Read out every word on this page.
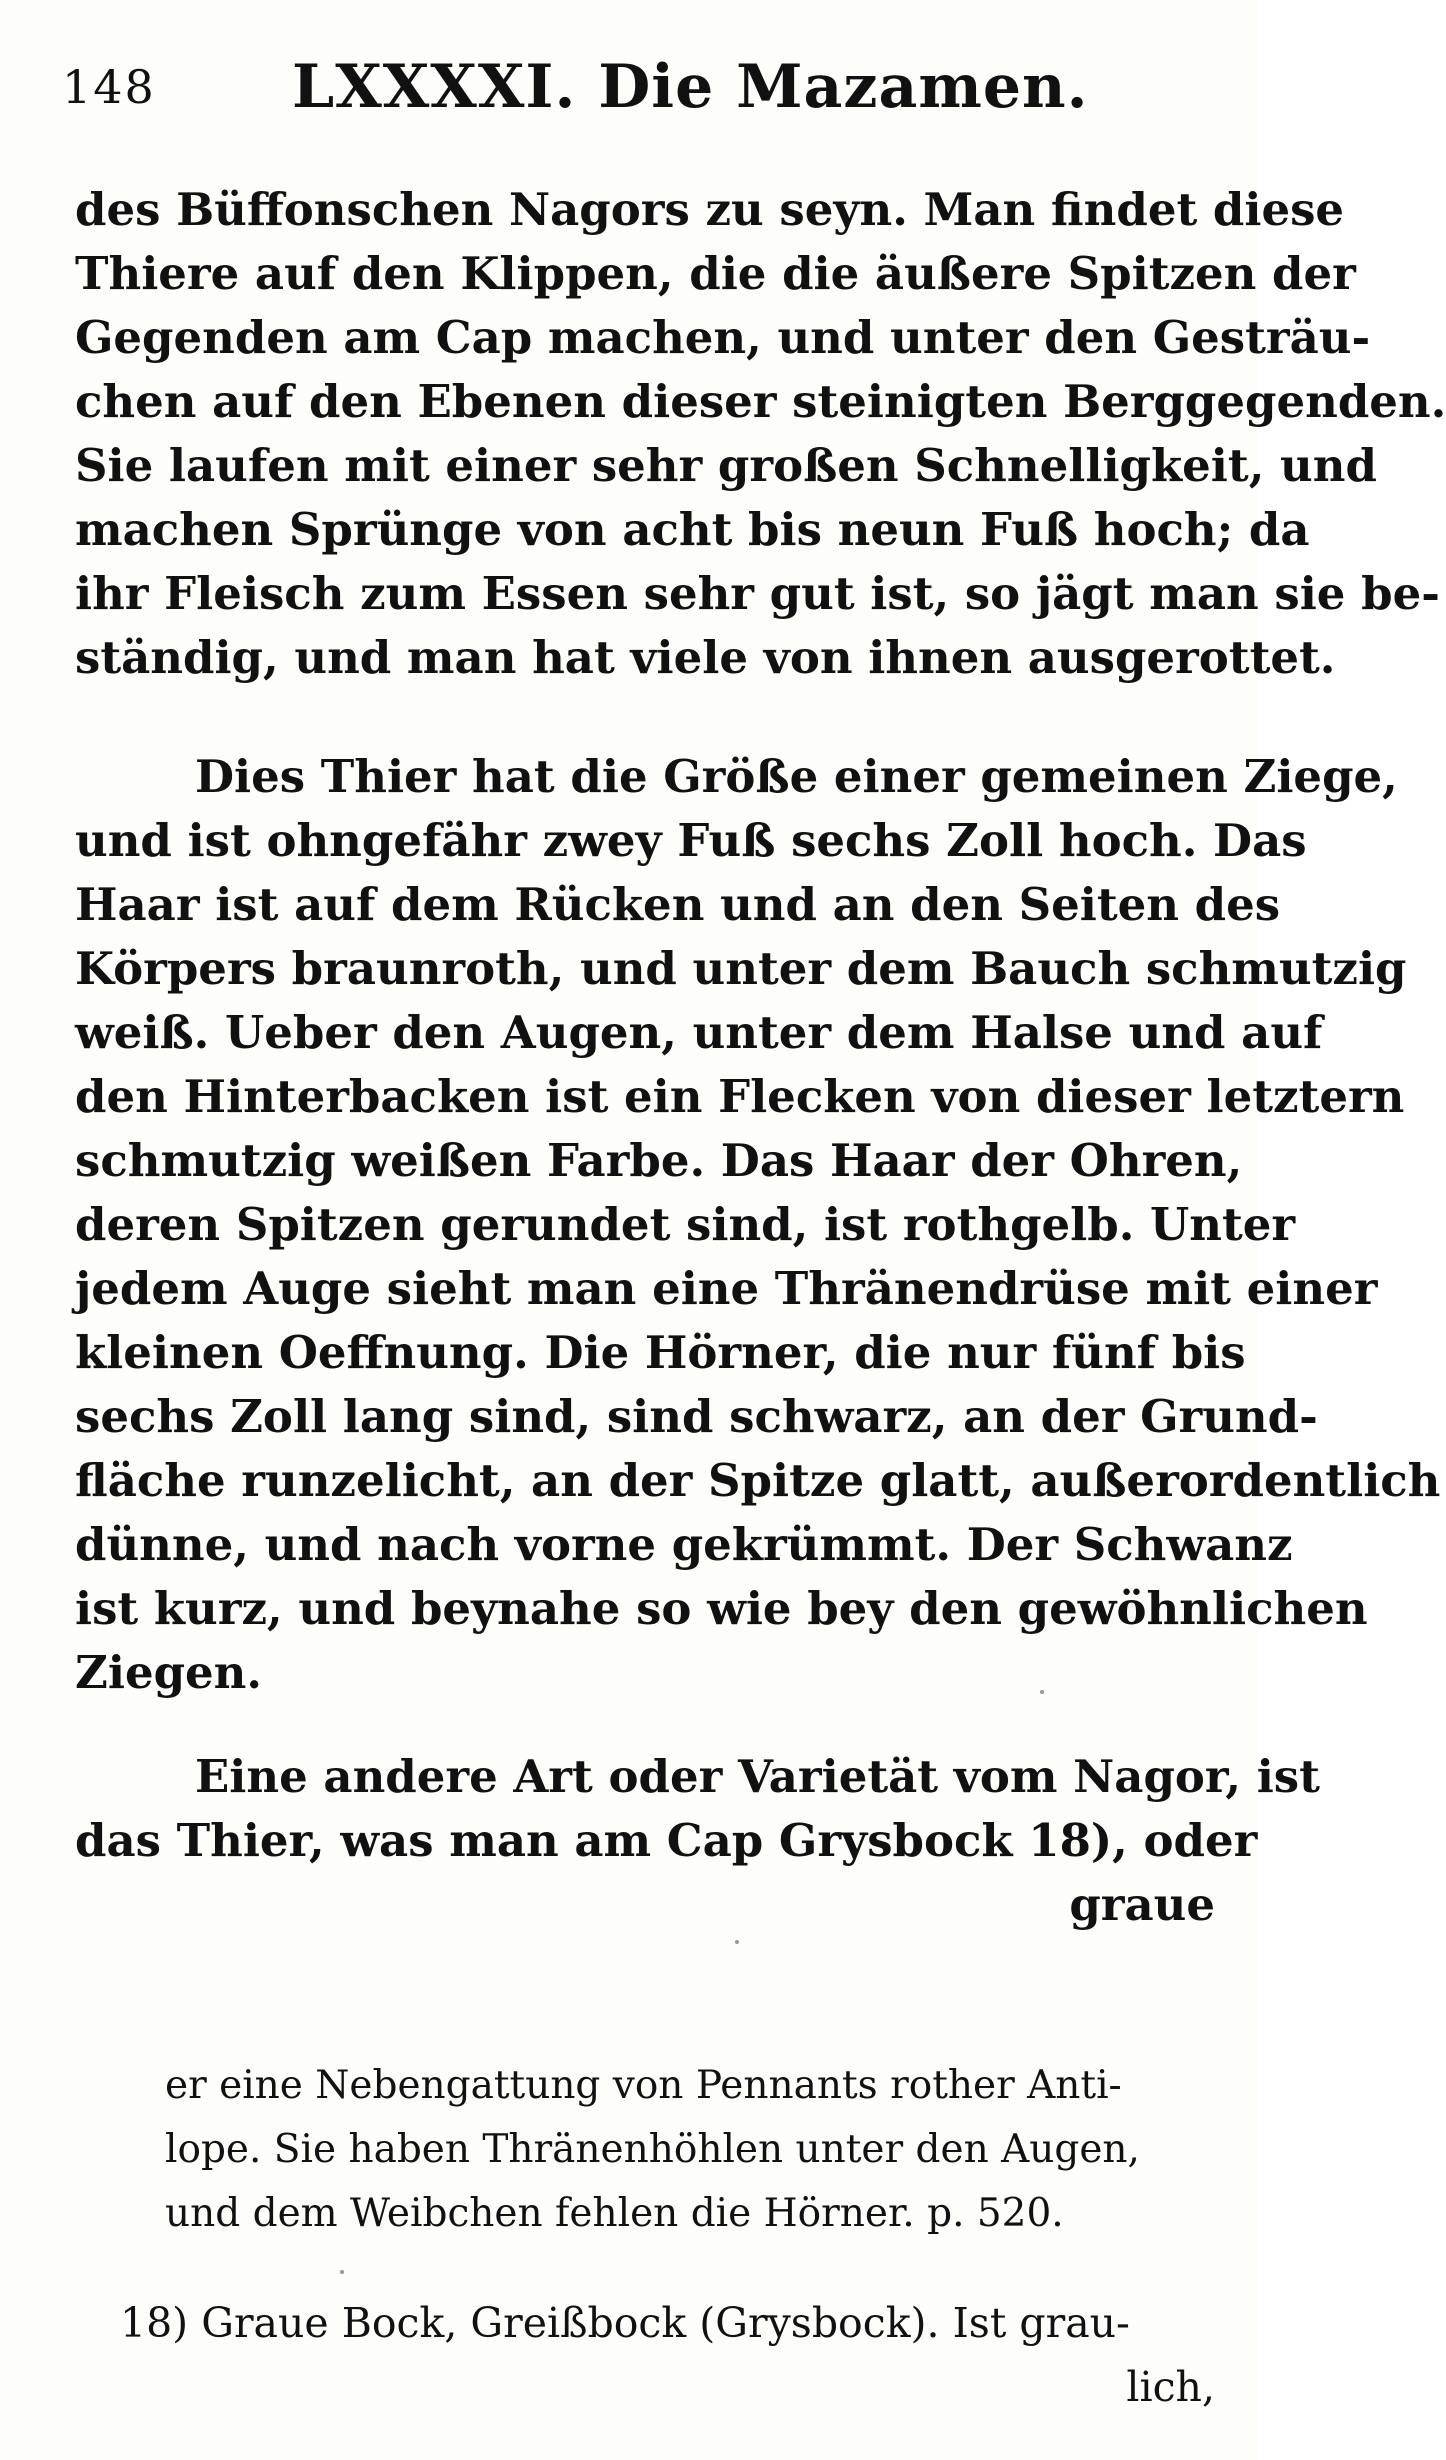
148 LXXXXI. Die Mazamen.
des Büffonschen Nagors zu seyn. Man findet diese
Thiere auf den Klippen, die die äußere Spitzen der
Gegenden am Cap machen, und unter den Gesträu-
chen auf den Ebenen dieser steinigten Berggegenden.
Sie laufen mit einer sehr großen Schnelligkeit, und
machen Sprünge von acht bis neun Fuß hoch; da
ihr Fleisch zum Essen sehr gut ist, so jägt man sie be-
ständig, und man hat viele von ihnen ausgerottet.
Dies Thier hat die Größe einer gemeinen Ziege,
und ist ohngefähr zwey Fuß sechs Zoll hoch. Das
Haar ist auf dem Rücken und an den Seiten des
Körpers braunroth, und unter dem Bauch schmutzig
weiß. Ueber den Augen, unter dem Halse und auf
den Hinterbacken ist ein Flecken von dieser letztern
schmutzig weißen Farbe. Das Haar der Ohren,
deren Spitzen gerundet sind, ist rothgelb. Unter
jedem Auge sieht man eine Thränendrüse mit einer
kleinen Oeffnung. Die Hörner, die nur fünf bis
sechs Zoll lang sind, sind schwarz, an der Grund-
fläche runzelicht, an der Spitze glatt, außerordentlich
dünne, und nach vorne gekrümmt. Der Schwanz
ist kurz, und beynahe so wie bey den gewöhnlichen
Ziegen.
Eine andere Art oder Varietät vom Nagor, ist
das Thier, was man am Cap Grysbock 18), oder
graue
er eine Nebengattung von Pennants rother Anti-
lope. Sie haben Thränenhöhlen unter den Augen,
und dem Weibchen fehlen die Hörner. p. 520.
18) Graue Bock, Greißbock (Grysbock). Ist grau-
lich,
